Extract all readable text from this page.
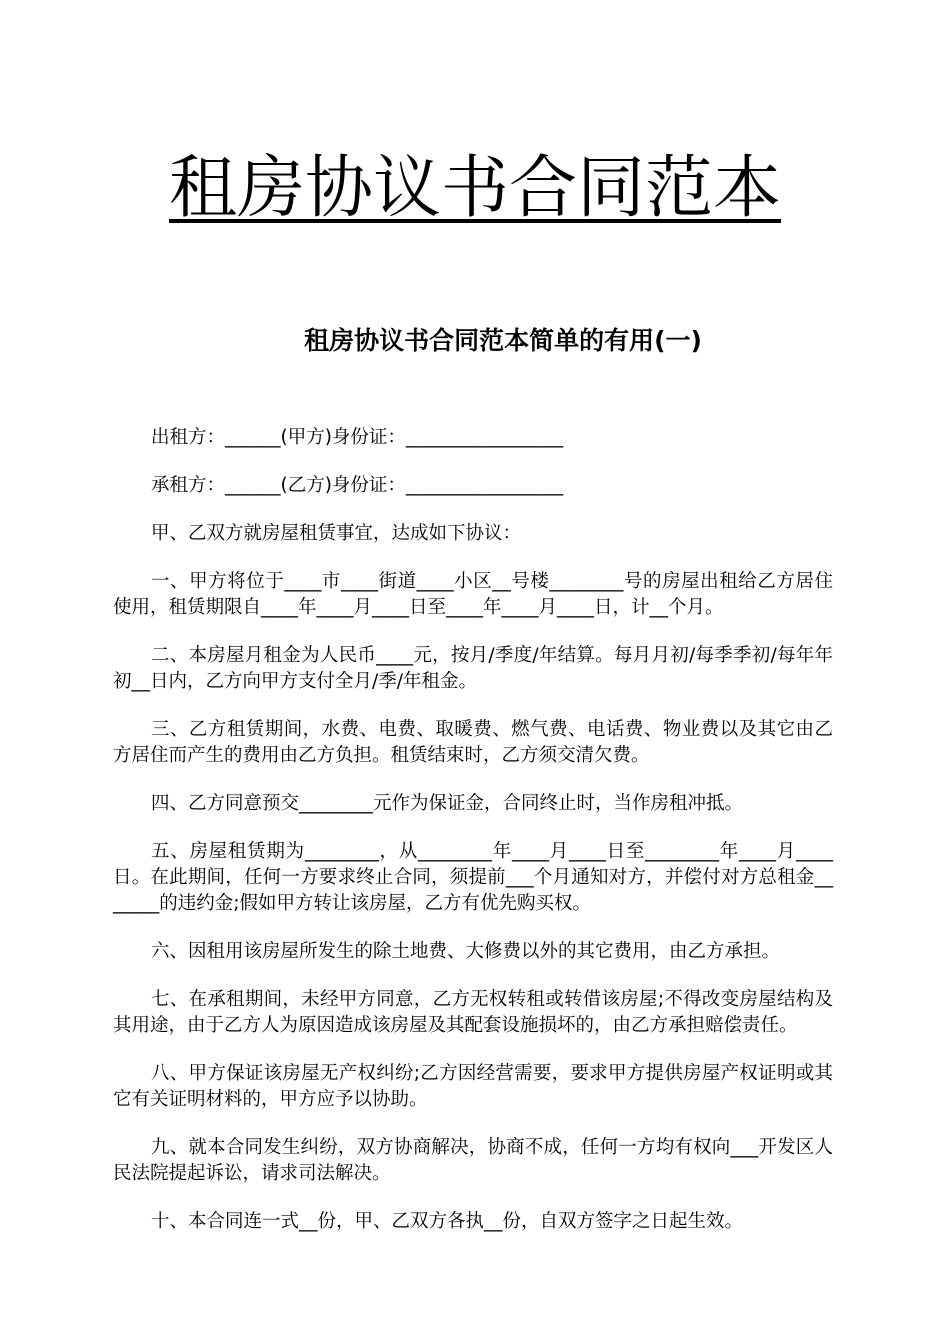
租房协议书合同范本
租房协议书合同范本简单的有用(一)

出租方：______(甲方)身份证：_________________

承租方：______(乙方)身份证：_________________

甲、乙双方就房屋租赁事宜，达成如下协议：

一、甲方将位于____市____街道____小区__号楼________号的房屋出租给乙方居住使用，租赁期限自____年____月____日至____年____月____日，计__个月。

二、本房屋月租金为人民币____元，按月/季度/年结算。每月月初/每季季初/每年年初__日内，乙方向甲方支付全月/季/年租金。

三、乙方租赁期间，水费、电费、取暖费、燃气费、电话费、物业费以及其它由乙方居住而产生的费用由乙方负担。租赁结束时，乙方须交清欠费。

四、乙方同意预交________元作为保证金，合同终止时，当作房租冲抵。

五、房屋租赁期为________，从________年____月____日至________年____月____日。在此期间，任何一方要求终止合同，须提前___个月通知对方，并偿付对方总租金_______的违约金;假如甲方转让该房屋，乙方有优先购买权。

六、因租用该房屋所发生的除土地费、大修费以外的其它费用，由乙方承担。

七、在承租期间，未经甲方同意，乙方无权转租或转借该房屋;不得改变房屋结构及其用途，由于乙方人为原因造成该房屋及其配套设施损坏的，由乙方承担赔偿责任。

八、甲方保证该房屋无产权纠纷;乙方因经营需要，要求甲方提供房屋产权证明或其它有关证明材料的，甲方应予以协助。

九、就本合同发生纠纷，双方协商解决，协商不成，任何一方均有权向___开发区人民法院提起诉讼，请求司法解决。

十、本合同连一式__份，甲、乙双方各执__份，自双方签字之日起生效。
